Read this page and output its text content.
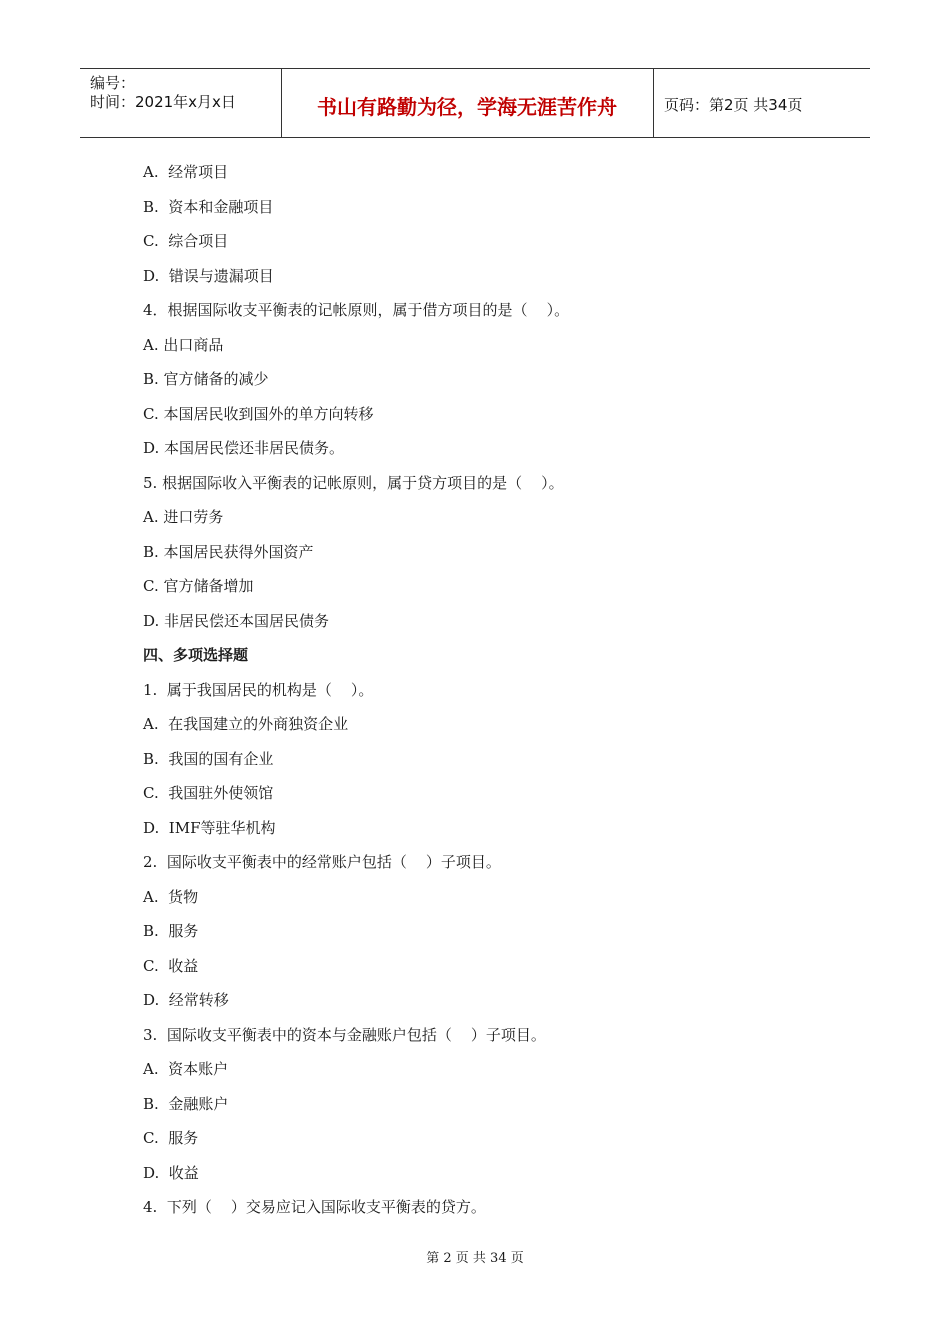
编号：
时间：2021年x月x日	书山有路勤为径，学海无涯苦作舟	页码：第2页 共34页
A.  经常项目
B.  资本和金融项目
C.  综合项目
D.  错误与遗漏项目
4．根据国际收支平衡表的记帐原则，属于借方项目的是（    ）。
A. 出口商品
B. 官方储备的减少
C. 本国居民收到国外的单方向转移
D. 本国居民偿还非居民债务。
5. 根据国际收入平衡表的记帐原则，属于贷方项目的是（    ）。
A. 进口劳务
B. 本国居民获得外国资产
C. 官方储备增加
D. 非居民偿还本国居民债务
四、多项选择题
1.  属于我国居民的机构是（    ）。
A.  在我国建立的外商独资企业
B.  我国的国有企业
C.  我国驻外使领馆
D.  IMF等驻华机构
2.  国际收支平衡表中的经常账户包括（    ）子项目。
A.  货物
B.  服务
C.  收益
D.  经常转移
3.  国际收支平衡表中的资本与金融账户包括（    ）子项目。
A.  资本账户
B.  金融账户
C.  服务
D.  收益
4.  下列（    ）交易应记入国际收支平衡表的贷方。
第 2 页 共 34 页
